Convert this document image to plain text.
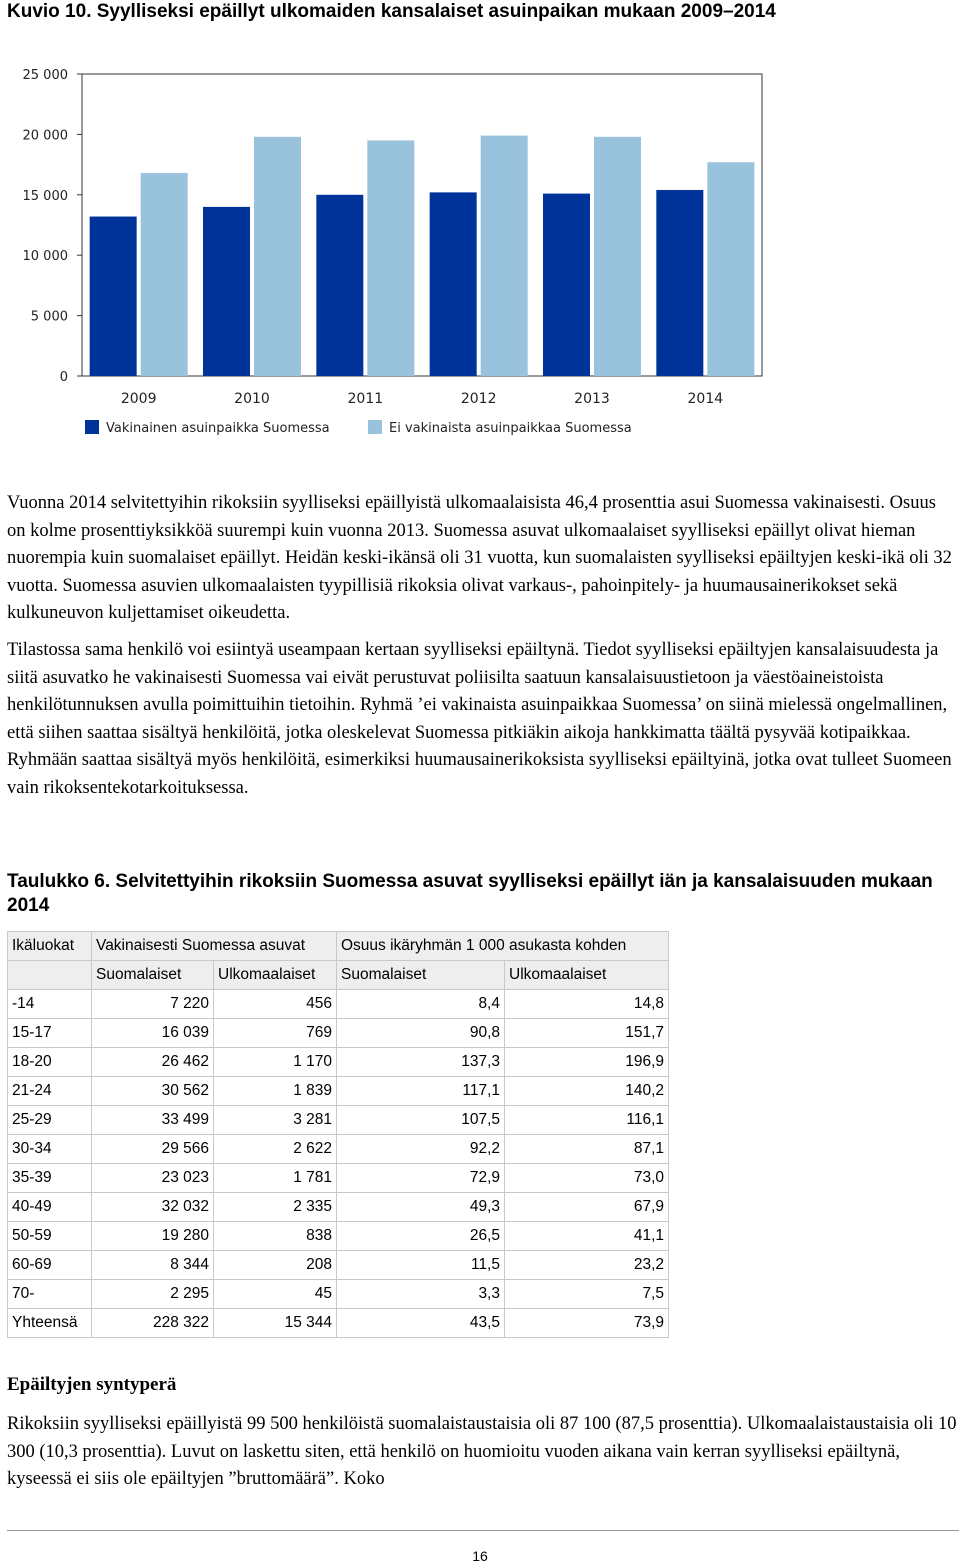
Kuvio 10. Syylliseksi epäillyt ulkomaiden kansalaiset asuinpaikan mukaan 2009–2014
0
5 000
10 000
15 000
20 000
25 000
2009	2010	2011	2012	2013	2014
Vakinainen asuinpaikka Suomessa	Ei vakinaista asuinpaikkaa Suomessa
Vuonna 2014 selvitettyihin rikoksiin syylliseksi epäillyistä ulkomaalaisista 46,4 prosenttia asui Suomessa vakinaisesti. Osuus on kolme prosenttiyksikköä suurempi kuin vuonna 2013. Suomessa asuvat ulkomaalaiset syylliseksi epäillyt olivat hieman nuorempia kuin suomalaiset epäillyt. Heidän keski-ikänsä oli 31 vuotta, kun suomalaisten syylliseksi epäiltyjen keski-ikä oli 32 vuotta. Suomessa asuvien ulkomaalaisten tyypillisiä rikoksia olivat varkaus-, pahoinpitely- ja huumausainerikokset sekä kulkuneuvon kuljettamiset oikeudetta.
Tilastossa sama henkilö voi esiintyä useampaan kertaan syylliseksi epäiltynä. Tiedot syylliseksi epäiltyjen kansalaisuudesta ja siitä asuvatko he vakinaisesti Suomessa vai eivät perustuvat poliisilta saatuun kansalaisuustietoon ja väestöaineistoista henkilötunnuksen avulla poimittuihin tietoihin. Ryhmä ’ei vakinaista asuinpaikkaa Suomessa’ on siinä mielessä ongelmallinen, että siihen saattaa sisältyä henkilöitä, jotka oleskelevat Suomessa pitkiäkin aikoja hankkimatta täältä pysyvää kotipaikkaa. Ryhmään saattaa sisältyä myös henkilöitä, esimerkiksi huumausainerikoksista syylliseksi epäiltyinä, jotka ovat tulleet Suomeen vain rikoksentekotarkoituksessa.
Taulukko 6. Selvitettyihin rikoksiin Suomessa asuvat syylliseksi epäillyt iän ja kansalaisuuden mukaan 2014
Ikäluokat	Vakinaisesti Suomessa asuvat		Osuus ikäryhmän 1 000 asukasta kohden	
	Suomalaiset	Ulkomaalaiset	Suomalaiset	Ulkomaalaiset
-14	7 220	456	8,4	14,8
15-17	16 039	769	90,8	151,7
18-20	26 462	1 170	137,3	196,9
21-24	30 562	1 839	117,1	140,2
25-29	33 499	3 281	107,5	116,1
30-34	29 566	2 622	92,2	87,1
35-39	23 023	1 781	72,9	73,0
40-49	32 032	2 335	49,3	67,9
50-59	19 280	838	26,5	41,1
60-69	8 344	208	11,5	23,2
70-	2 295	45	3,3	7,5
Yhteensä	228 322	15 344	43,5	73,9
Epäiltyjen syntyperä
Rikoksiin syylliseksi epäillyistä 99 500 henkilöistä suomalaistaustaisia oli 87 100 (87,5 prosenttia). Ulkomaalaistaustaisia oli 10 300 (10,3 prosenttia). Luvut on laskettu siten, että henkilö on huomioitu vuoden aikana vain kerran syylliseksi epäiltynä, kyseessä ei siis ole epäiltyjen ”bruttomäärä”. Koko
16
